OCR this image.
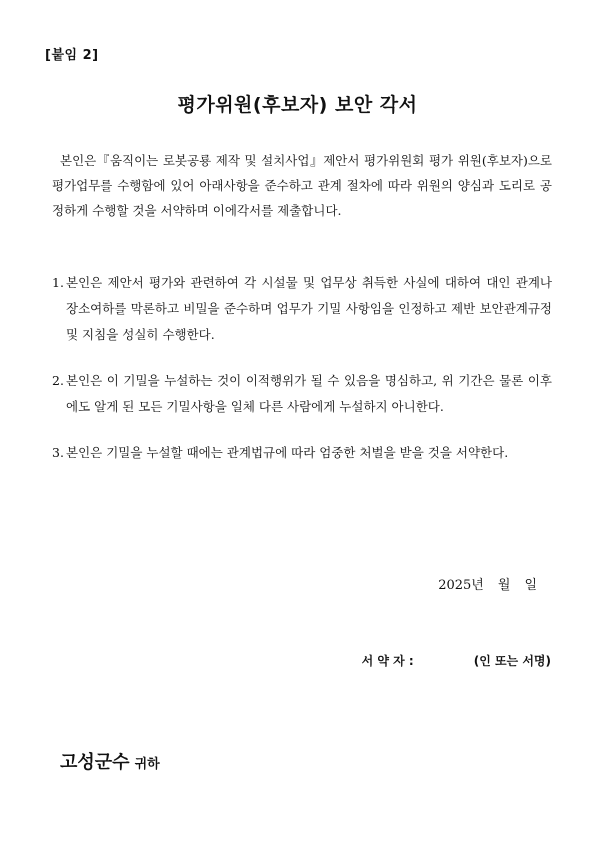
[붙임 2]
평가위원(후보자) 보안 각서
본인은『움직이는 로봇공룡 제작 및 설치사업』제안서 평가위원회 평가 위원(후보자)으로 평가업무를 수행함에 있어 아래사항을 준수하고 관계 절차에 따라 위원의 양심과 도리로 공정하게 수행할 것을 서약하며 이에각서를 제출합니다.
1. 본인은 제안서 평가와 관련하여 각 시설물 및 업무상 취득한 사실에 대하여 대인 관계나 장소여하를 막론하고 비밀을 준수하며 업무가 기밀 사항임을 인정하고 제반 보안관계규정 및 지침을 성실히 수행한다.
2. 본인은 이 기밀을 누설하는 것이 이적행위가 될 수 있음을 명심하고, 위 기간은 물론 이후에도 알게 된 모든 기밀사항을 일체 다른 사람에게 누설하지 아니한다.
3. 본인은 기밀을 누설할 때에는 관계법규에 따라 엄중한 처벌을 받을 것을 서약한다.
2025년 월 일
서 약 자 :	(인 또는 서명)
고성군수 귀하
